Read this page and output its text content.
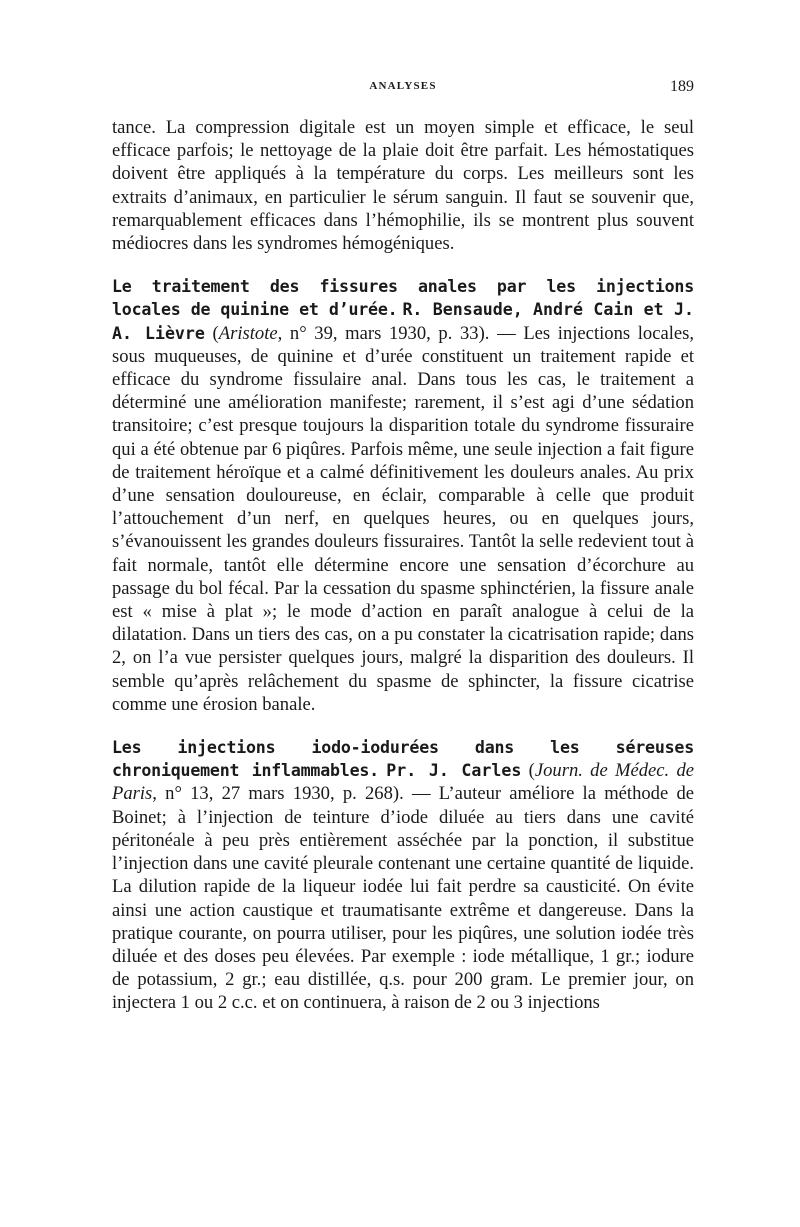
ANALYSES	189

tance. La compression digitale est un moyen simple et efficace, le seul efficace parfois; le nettoyage de la plaie doit être parfait. Les hémostatiques doivent être appliqués à la température du corps. Les meilleurs sont les extraits d’animaux, en particulier le sérum sanguin. Il faut se souvenir que, remarquablement efficaces dans l’hémophilie, ils se montrent plus souvent médiocres dans les syndromes hémogéniques.

Le traitement des fissures anales par les injections locales de quinine et d’urée. R. Bensaude, André Cain et J. A. Lièvre (Aristote, n° 39, mars 1930, p. 33). — Les injections locales, sous muqueuses, de quinine et d’urée constituent un traitement rapide et efficace du syndrome fissulaire anal. Dans tous les cas, le traitement a déterminé une amélioration manifeste; rarement, il s’est agi d’une sédation transitoire; c’est presque toujours la disparition totale du syndrome fissuraire qui a été obtenue par 6 piqûres. Parfois même, une seule injection a fait figure de traitement héroïque et a calmé définitivement les douleurs anales. Au prix d’une sensation douloureuse, en éclair, comparable à celle que produit l’attouchement d’un nerf, en quelques heures, ou en quelques jours, s’évanouissent les grandes douleurs fissuraires. Tantôt la selle redevient tout à fait normale, tantôt elle détermine encore une sensation d’écorchure au passage du bol fécal. Par la cessation du spasme sphinctérien, la fissure anale est « mise à plat »; le mode d’action en paraît analogue à celui de la dilatation. Dans un tiers des cas, on a pu constater la cicatrisation rapide; dans 2, on l’a vue persister quelques jours, malgré la disparition des douleurs. Il semble qu’après relâchement du spasme de sphincter, la fissure cicatrise comme une érosion banale.

Les injections iodo-iodurées dans les séreuses chroniquement inflammables. Pr. J. Carles (Journ. de Médec. de Paris, n° 13, 27 mars 1930, p. 268). — L’auteur améliore la méthode de Boinet; à l’injection de teinture d’iode diluée au tiers dans une cavité péritonéale à peu près entièrement asséchée par la ponction, il substitue l’injection dans une cavité pleurale contenant une certaine quantité de liquide. La dilution rapide de la liqueur iodée lui fait perdre sa causticité. On évite ainsi une action caustique et traumatisante extrême et dangereuse. Dans la pratique courante, on pourra utiliser, pour les piqûres, une solution iodée très diluée et des doses peu élevées. Par exemple : iode métallique, 1 gr.; iodure de potassium, 2 gr.; eau distillée, q.s. pour 200 gram. Le premier jour, on injectera 1 ou 2 c.c. et on continuera, à raison de 2 ou 3 injections
